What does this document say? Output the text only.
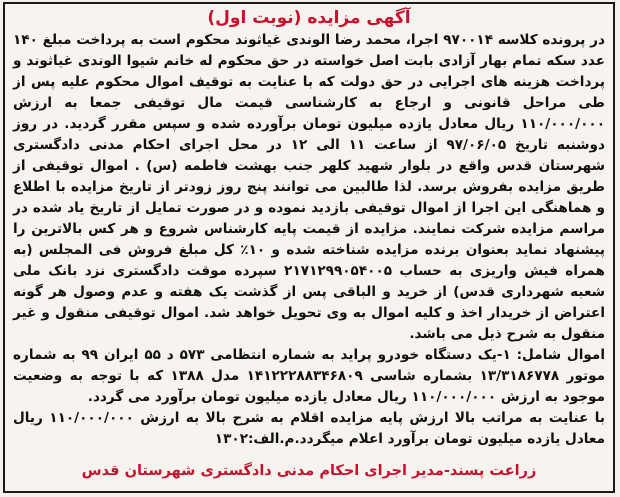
آگهی مزایده (نوبت اول)

در پرونده کلاسه ۹۷۰۰۱۴ اجرا، محمد رضا الوندی غیاثوند محکوم است به پرداخت مبلغ ۱۴۰ عدد سکه تمام بهار آزادی بابت اصل خواسته در حق محکوم له خانم شیوا الوندی غیاثوند و پرداخت هزینه های اجرایی در حق دولت که با عنایت به توقیف اموال محکوم علیه پس از طی مراحل قانونی و ارجاع به کارشناسی قیمت مال توقیفی جمعا به ارزش ۱۱۰/۰۰۰/۰۰۰ ریال معادل یازده میلیون تومان برآورده شده و سپس مقرر گردید. در روز دوشنبه تاریخ ۹۷/۰۶/۰۵ از ساعت ۱۱ الی ۱۲ در محل اجرای احکام مدنی دادگستری شهرستان قدس واقع در بلوار شهید کلهر جنب بهشت فاطمه (س) . اموال توقیفی از طریق مزایده بفروش برسد. لذا طالبین می توانند پنج روز زودتر از تاریخ مزایده با اطلاع و هماهنگی این اجرا از اموال توقیفی بازدید نموده و در صورت تمایل از تاریخ یاد شده در مراسم مزایده شرکت نمایند. مزایده از قیمت پایه کارشناس شروع و هر کس بالاترین را پیشنهاد نماید بعنوان برنده مزایده شناخته شده و ۱۰٪ کل مبلغ فروش فی المجلس (به همراه فیش واریزی به حساب ۲۱۷۱۲۹۹۰۵۴۰۰۵ سپرده موقت دادگستری نزد بانک ملی شعبه شهرداری قدس) از خرید و الباقی پس از گذشت یک هفته و عدم وصول هر گونه اعتراض از خریدار اخذ و کلیه اموال به وی تحویل خواهد شد. اموال توقیفی منقول و غیر منقول به شرح ذیل می باشد.

اموال شامل: ۱-یک دستگاه خودرو پراید به شماره انتظامی ۵۷۳ د ۵۵ ایران ۹۹ به شماره موتور ۱۳/۳۱۸۶۷۷۸ بشماره شاسی ۱۴۱۲۲۲۸۸۳۴۶۸۰۹ مدل ۱۳۸۸ که با توجه به وضعیت موجود به ارزش ۱۱۰/۰۰۰/۰۰۰ ریال معادل یازده میلیون تومان برآورد می گردد.

با عنایت به مراتب بالا ارزش پایه مزایده اقلام به شرح بالا به ارزش ۱۱۰/۰۰۰/۰۰۰ ریال معادل یازده میلیون تومان برآورد اعلام میگردد.م.الف:۱۳۰۲

زراعت پسند-مدیر اجرای احکام مدنی دادگستری شهرستان قدس
